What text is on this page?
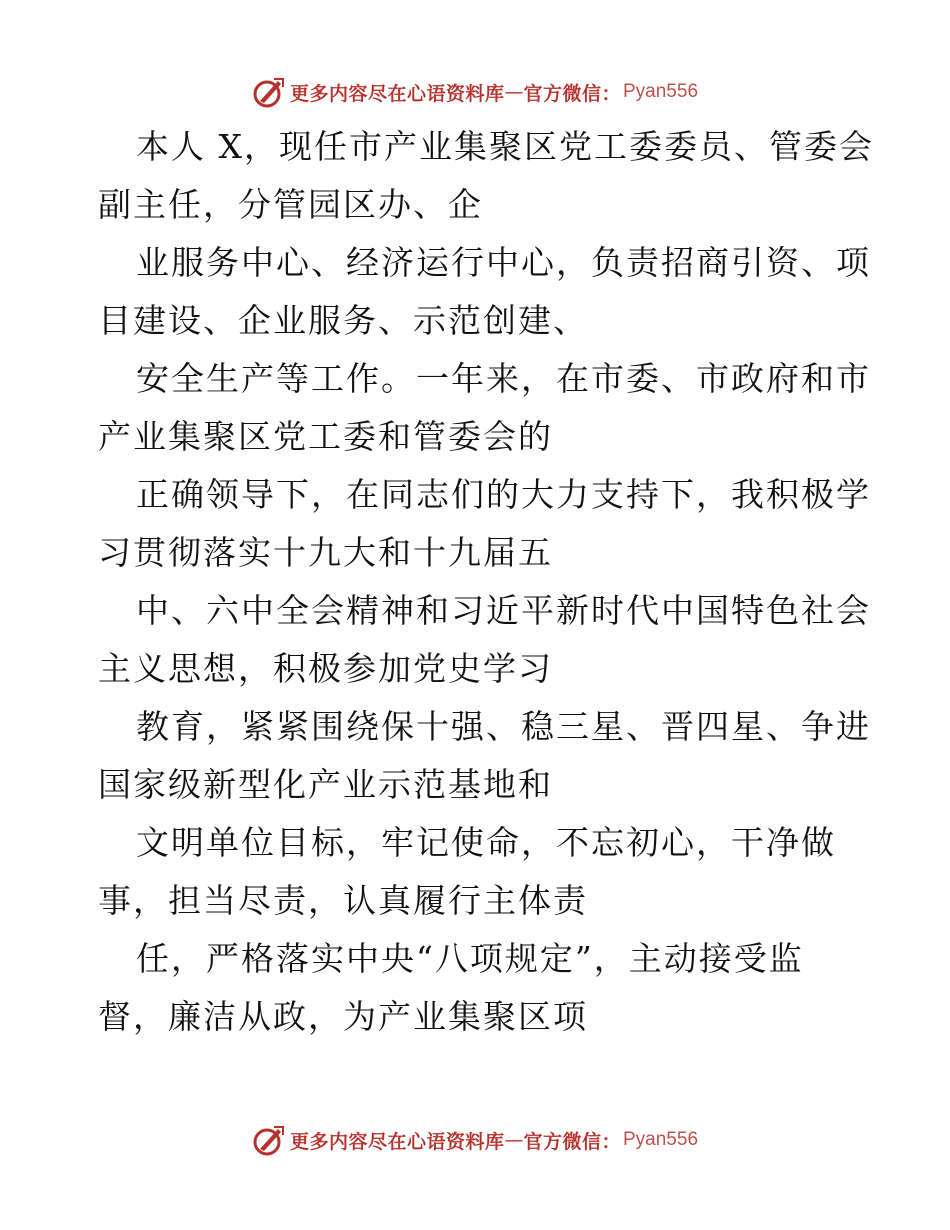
更多内容尽在心语资料库 — 官方微信： Pyan556
本人 X，现任市产业集聚区党工委委员、管委会
副主任，分管园区办、企
业服务中心、经济运行中心，负责招商引资、项
目建设、企业服务、示范创建、
安全生产等工作。一年来，在市委、市政府和市
产业集聚区党工委和管委会的
正确领导下，在同志们的大力支持下，我积极学
习贯彻落实十九大和十九届五
中、六中全会精神和习近平新时代中国特色社会
主义思想，积极参加党史学习
教育，紧紧围绕保十强、稳三星、晋四星、争进
国家级新型化产业示范基地和
文明单位目标，牢记使命，不忘初心，干净做
事，担当尽责，认真履行主体责
任，严格落实中央“八项规定”，主动接受监
督，廉洁从政，为产业集聚区项
更多内容尽在心语资料库 — 官方微信： Pyan556
